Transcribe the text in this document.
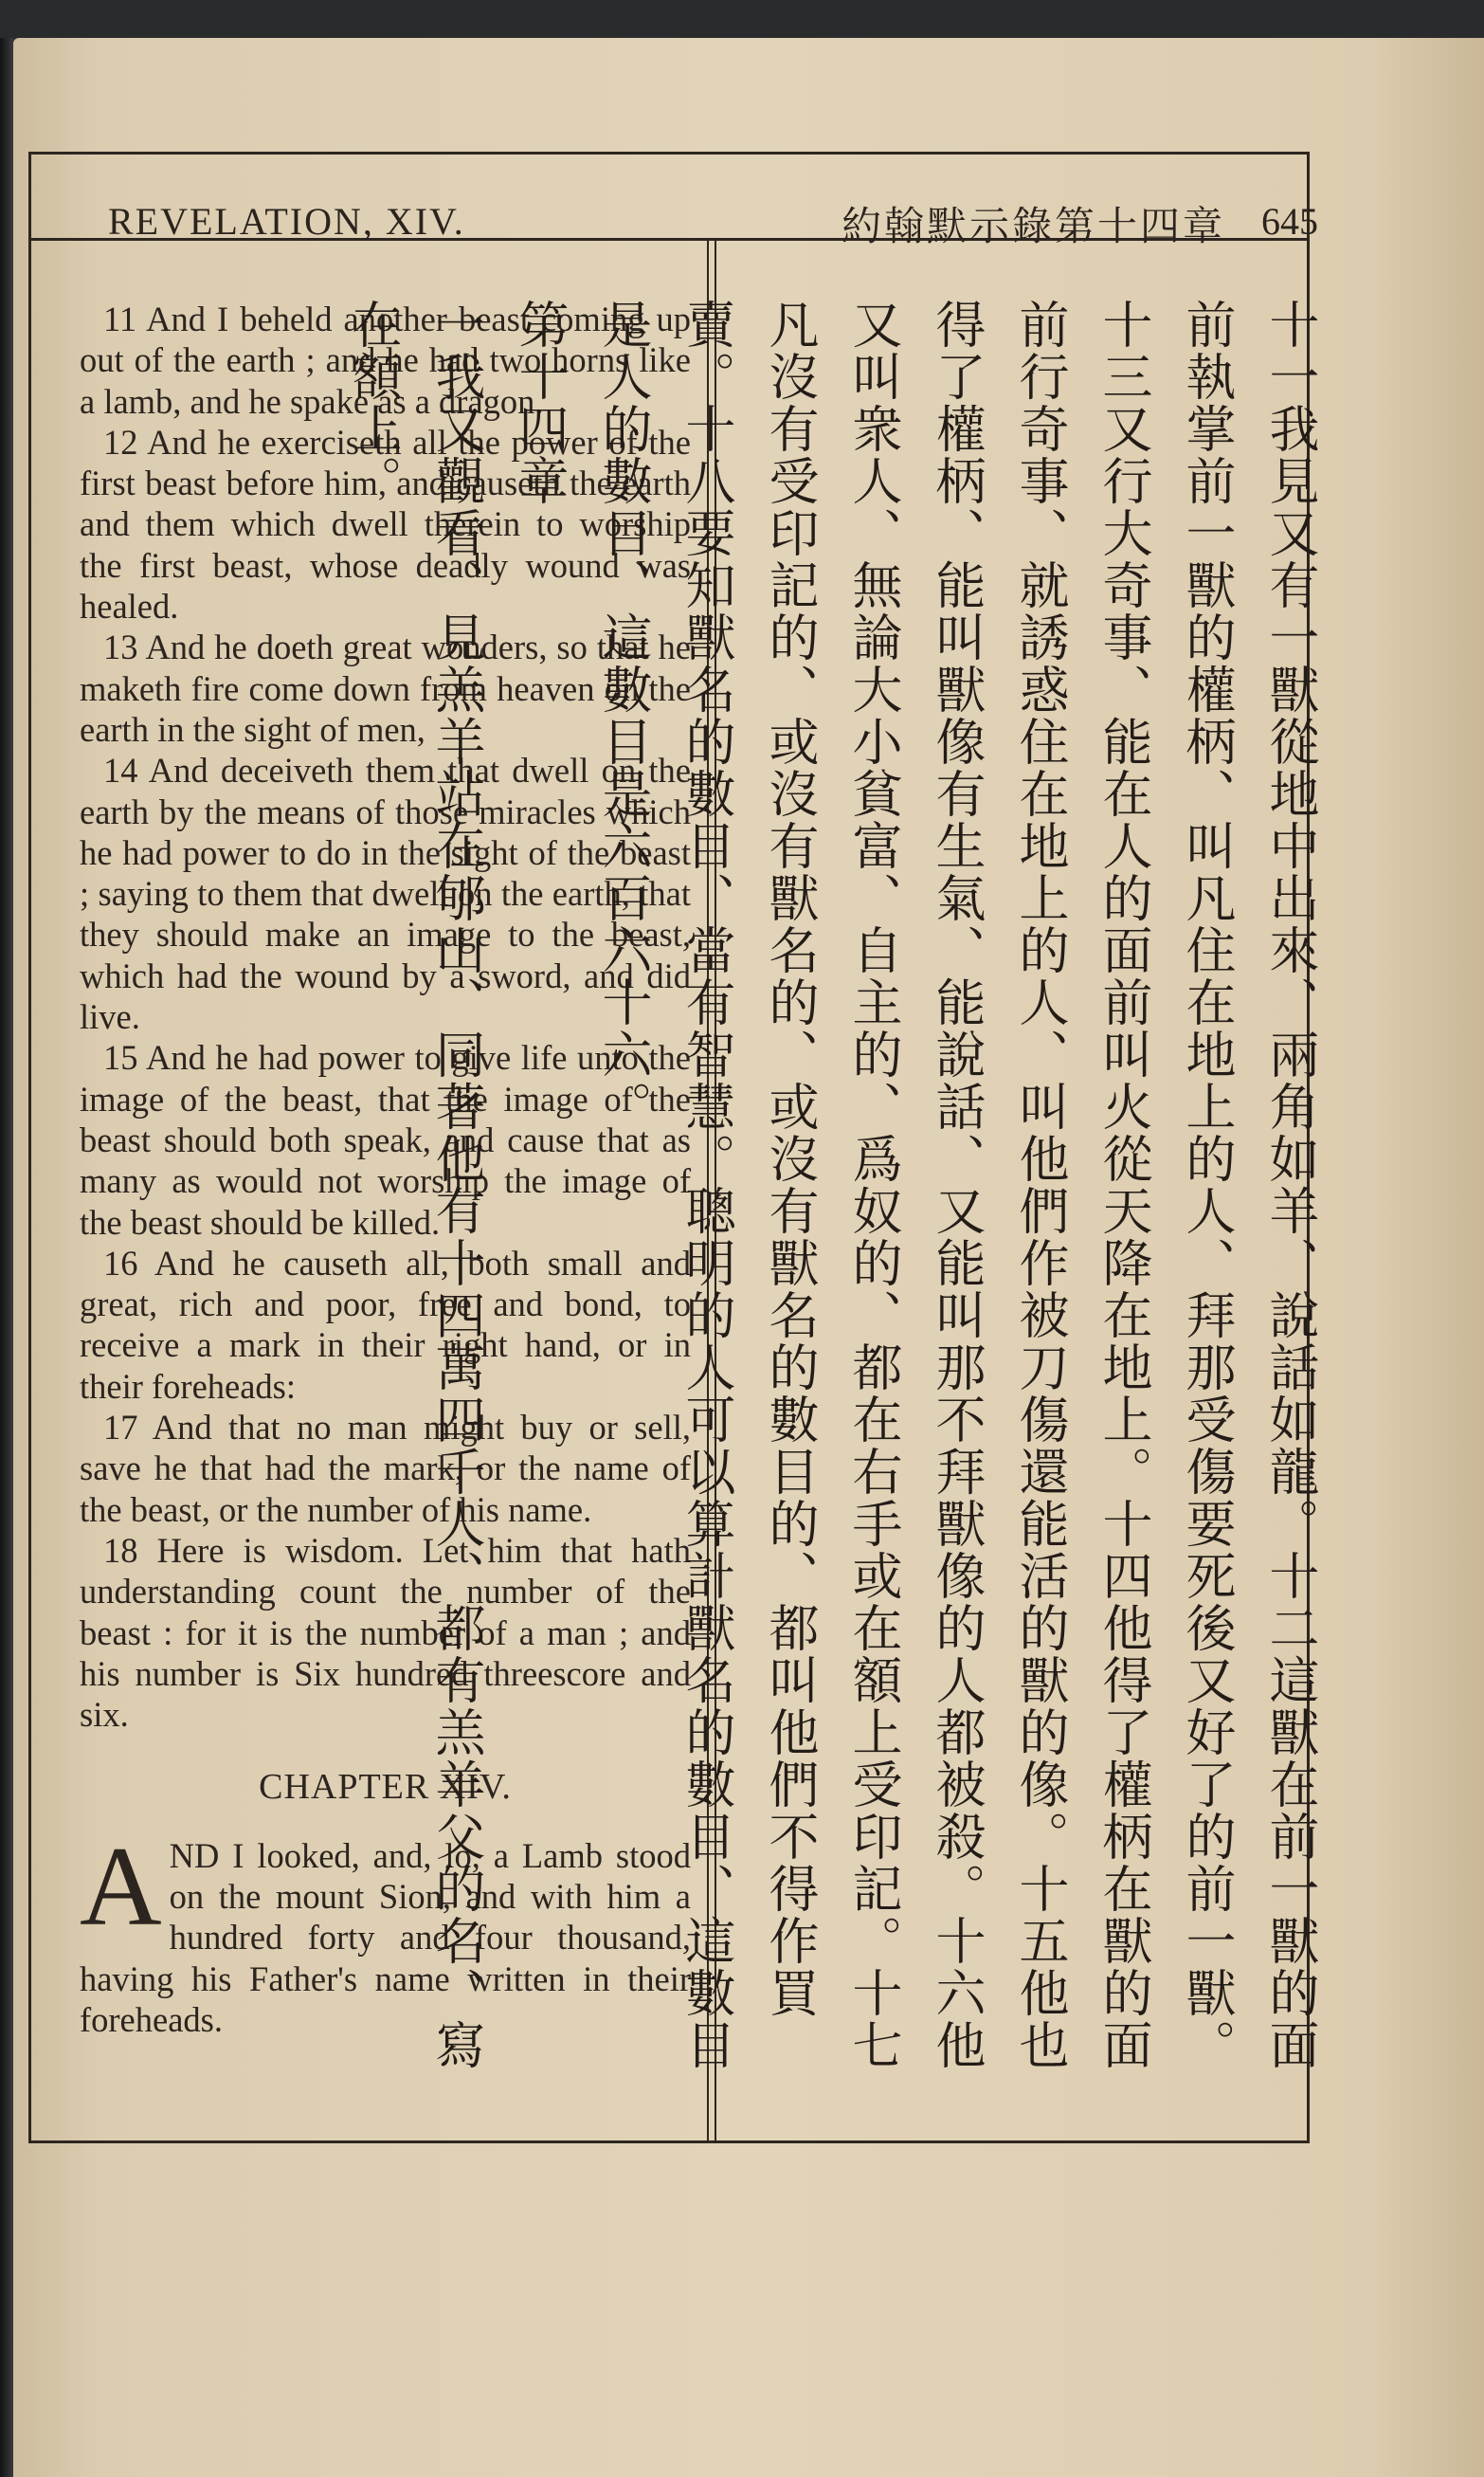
REVELATION, XIV.	約翰默示錄第十四章 645

11 And I beheld another beast coming up out of the earth ; and he had two horns like a lamb, and he spake as a dragon.

12 And he exerciseth all the power of the first beast before him, and causeth the earth and them which dwell therein to worship the first beast, whose deadly wound was healed.

13 And he doeth great wonders, so that he maketh fire come down from heaven on the earth in the sight of men,

14 And deceiveth them that dwell on the earth by the means of those miracles which he had power to do in the sight of the beast ; saying to them that dwell on the earth, that they should make an image to the beast, which had the wound by a sword, and did live.

15 And he had power to give life unto the image of the beast, that the image of the beast should both speak, and cause that as many as would not worship the image of the beast should be killed.

16 And he causeth all, both small and great, rich and poor, free and bond, to receive a mark in their right hand, or in their foreheads:

17 And that no man might buy or sell, save he that had the mark, or the name of the beast, or the number of his name.

18 Here is wisdom. Let him that hath understanding count the number of the beast : for it is the number of a man ; and his number is Six hundred threescore and six.

CHAPTER XIV.

A ND I looked, and, lo, a Lamb stood on the mount Sion, and with him a hundred forty and four thousand, having his Father's name written in their foreheads.	十一我見又有一獸從地中出來、兩角如羊、說話如龍。十二這獸在前一獸的面前執掌前一獸的權柄、叫凡住在地上的人、拜那受傷要死後又好了的前一獸。十三又行大奇事、能在人的面前叫火從天降在地上。十四他得了權柄在獸的面前行奇事、就誘惑住在地上的人、叫他們作被刀傷還能活的獸的像。十五他也得了權柄、能叫獸像有生氣、能說話、又能叫那不拜獸像的人都被殺。十六他又叫衆人、無論大小貧富、自主的、爲奴的、都在右手或在額上受印記。十七凡沒有受印記的、或沒有獸名的、或沒有獸名的數目的、都叫他們不得作買賣。十八要知獸名的數目、當有智慧。聰明的人可以算計獸名的數目、這數目是人的數目、這數目是六百六十六。

第十四章

一我又觀看、見羔羊站在郇山、同著他有十四萬四千人、都有羔羊父的名、寫在額上。
